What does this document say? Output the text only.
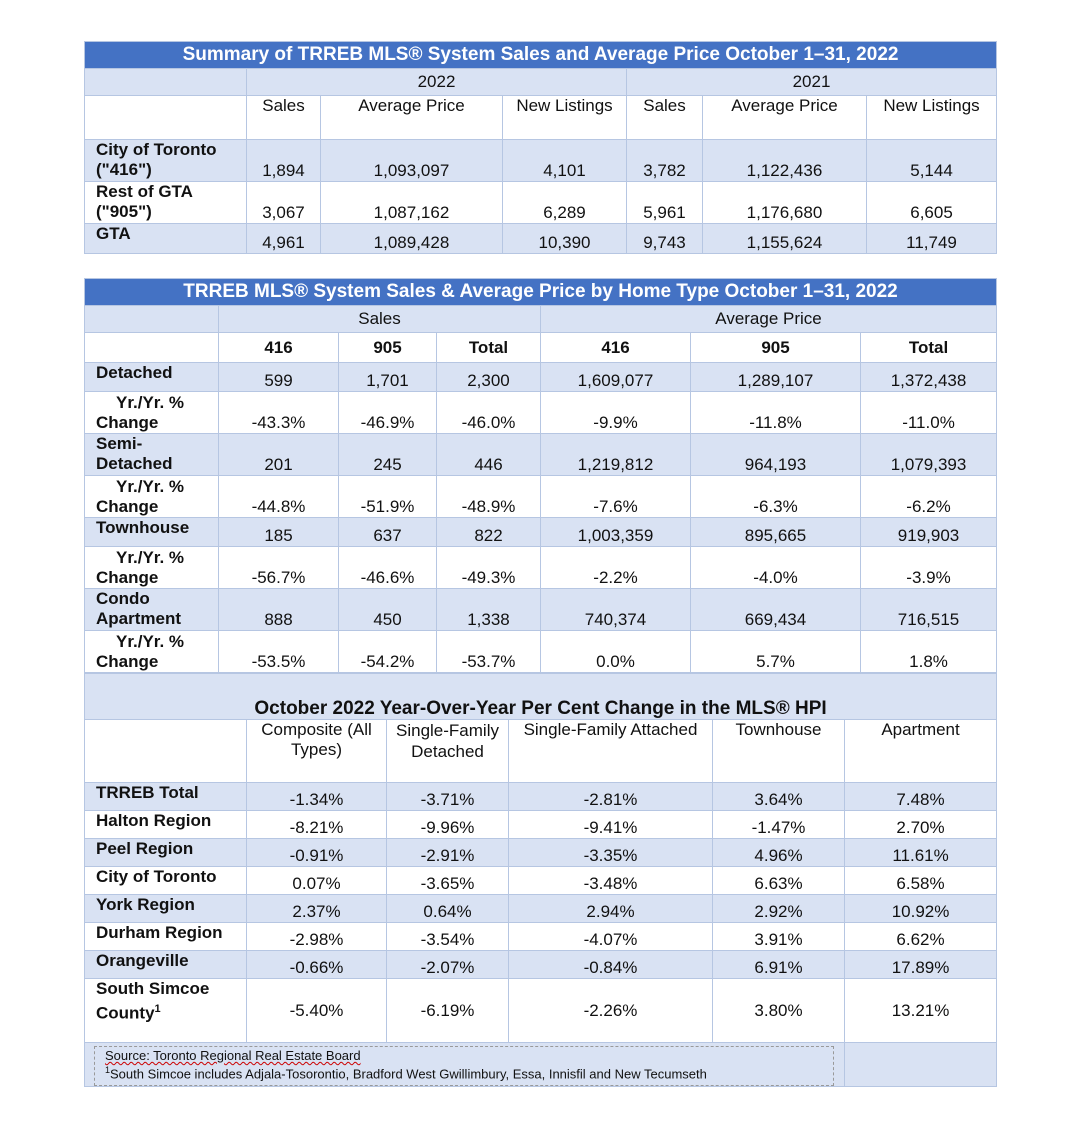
Summary of TRREB MLS® System Sales and Average Price October 1–31, 2022						
	2022			2021		
	Sales	Average Price	New Listings	Sales	Average Price	New Listings
City of Toronto ("416")	1,894	1,093,097	4,101	3,782	1,122,436	5,144
Rest of GTA ("905")	3,067	1,087,162	6,289	5,961	1,176,680	6,605
GTA	4,961	1,089,428	10,390	9,743	1,155,624	11,749
TRREB MLS® System Sales & Average Price by Home Type October 1–31, 2022						
	Sales			Average Price		
	416	905	Total	416	905	Total
Detached	599	1,701	2,300	1,609,077	1,289,107	1,372,438

Yr./Yr. %
Change	-43.3%	-46.9%	-46.0%	-9.9%	-11.8%	-11.0%
Semi-Detached	201	245	446	1,219,812	964,193	1,079,393

Yr./Yr. %
Change	-44.8%	-51.9%	-48.9%	-7.6%	-6.3%	-6.2%
Townhouse	185	637	822	1,003,359	895,665	919,903

Yr./Yr. %
Change	-56.7%	-46.6%	-49.3%	-2.2%	-4.0%	-3.9%
Condo Apartment	888	450	1,338	740,374	669,434	716,515

Yr./Yr. %
Change	-53.5%	-54.2%	-53.7%	0.0%	5.7%	1.8%
October 2022 Year-Over-Year Per Cent Change in the MLS® HPI					
	Composite (All Types)	Single-Family Detached	Single-Family Attached	Townhouse	Apartment
TRREB Total	-1.34%	-3.71%	-2.81%	3.64%	7.48%
Halton Region	-8.21%	-9.96%	-9.41%	-1.47%	2.70%
Peel Region	-0.91%	-2.91%	-3.35%	4.96%	11.61%
City of Toronto	0.07%	-3.65%	-3.48%	6.63%	6.58%
York Region	2.37%	0.64%	2.94%	2.92%	10.92%
Durham Region	-2.98%	-3.54%	-4.07%	3.91%	6.62%
Orangeville	-0.66%	-2.07%	-0.84%	6.91%	17.89%
South Simcoe County$^1$	-5.40%	-6.19%	-2.26%	3.80%	13.21%

Source: Toronto Regional Real Estate Board
$^1$South Simcoe includes Adjala-Tosorontio, Bradford West Gwillimbury, Essa, Innisfil and New Tecumseth
